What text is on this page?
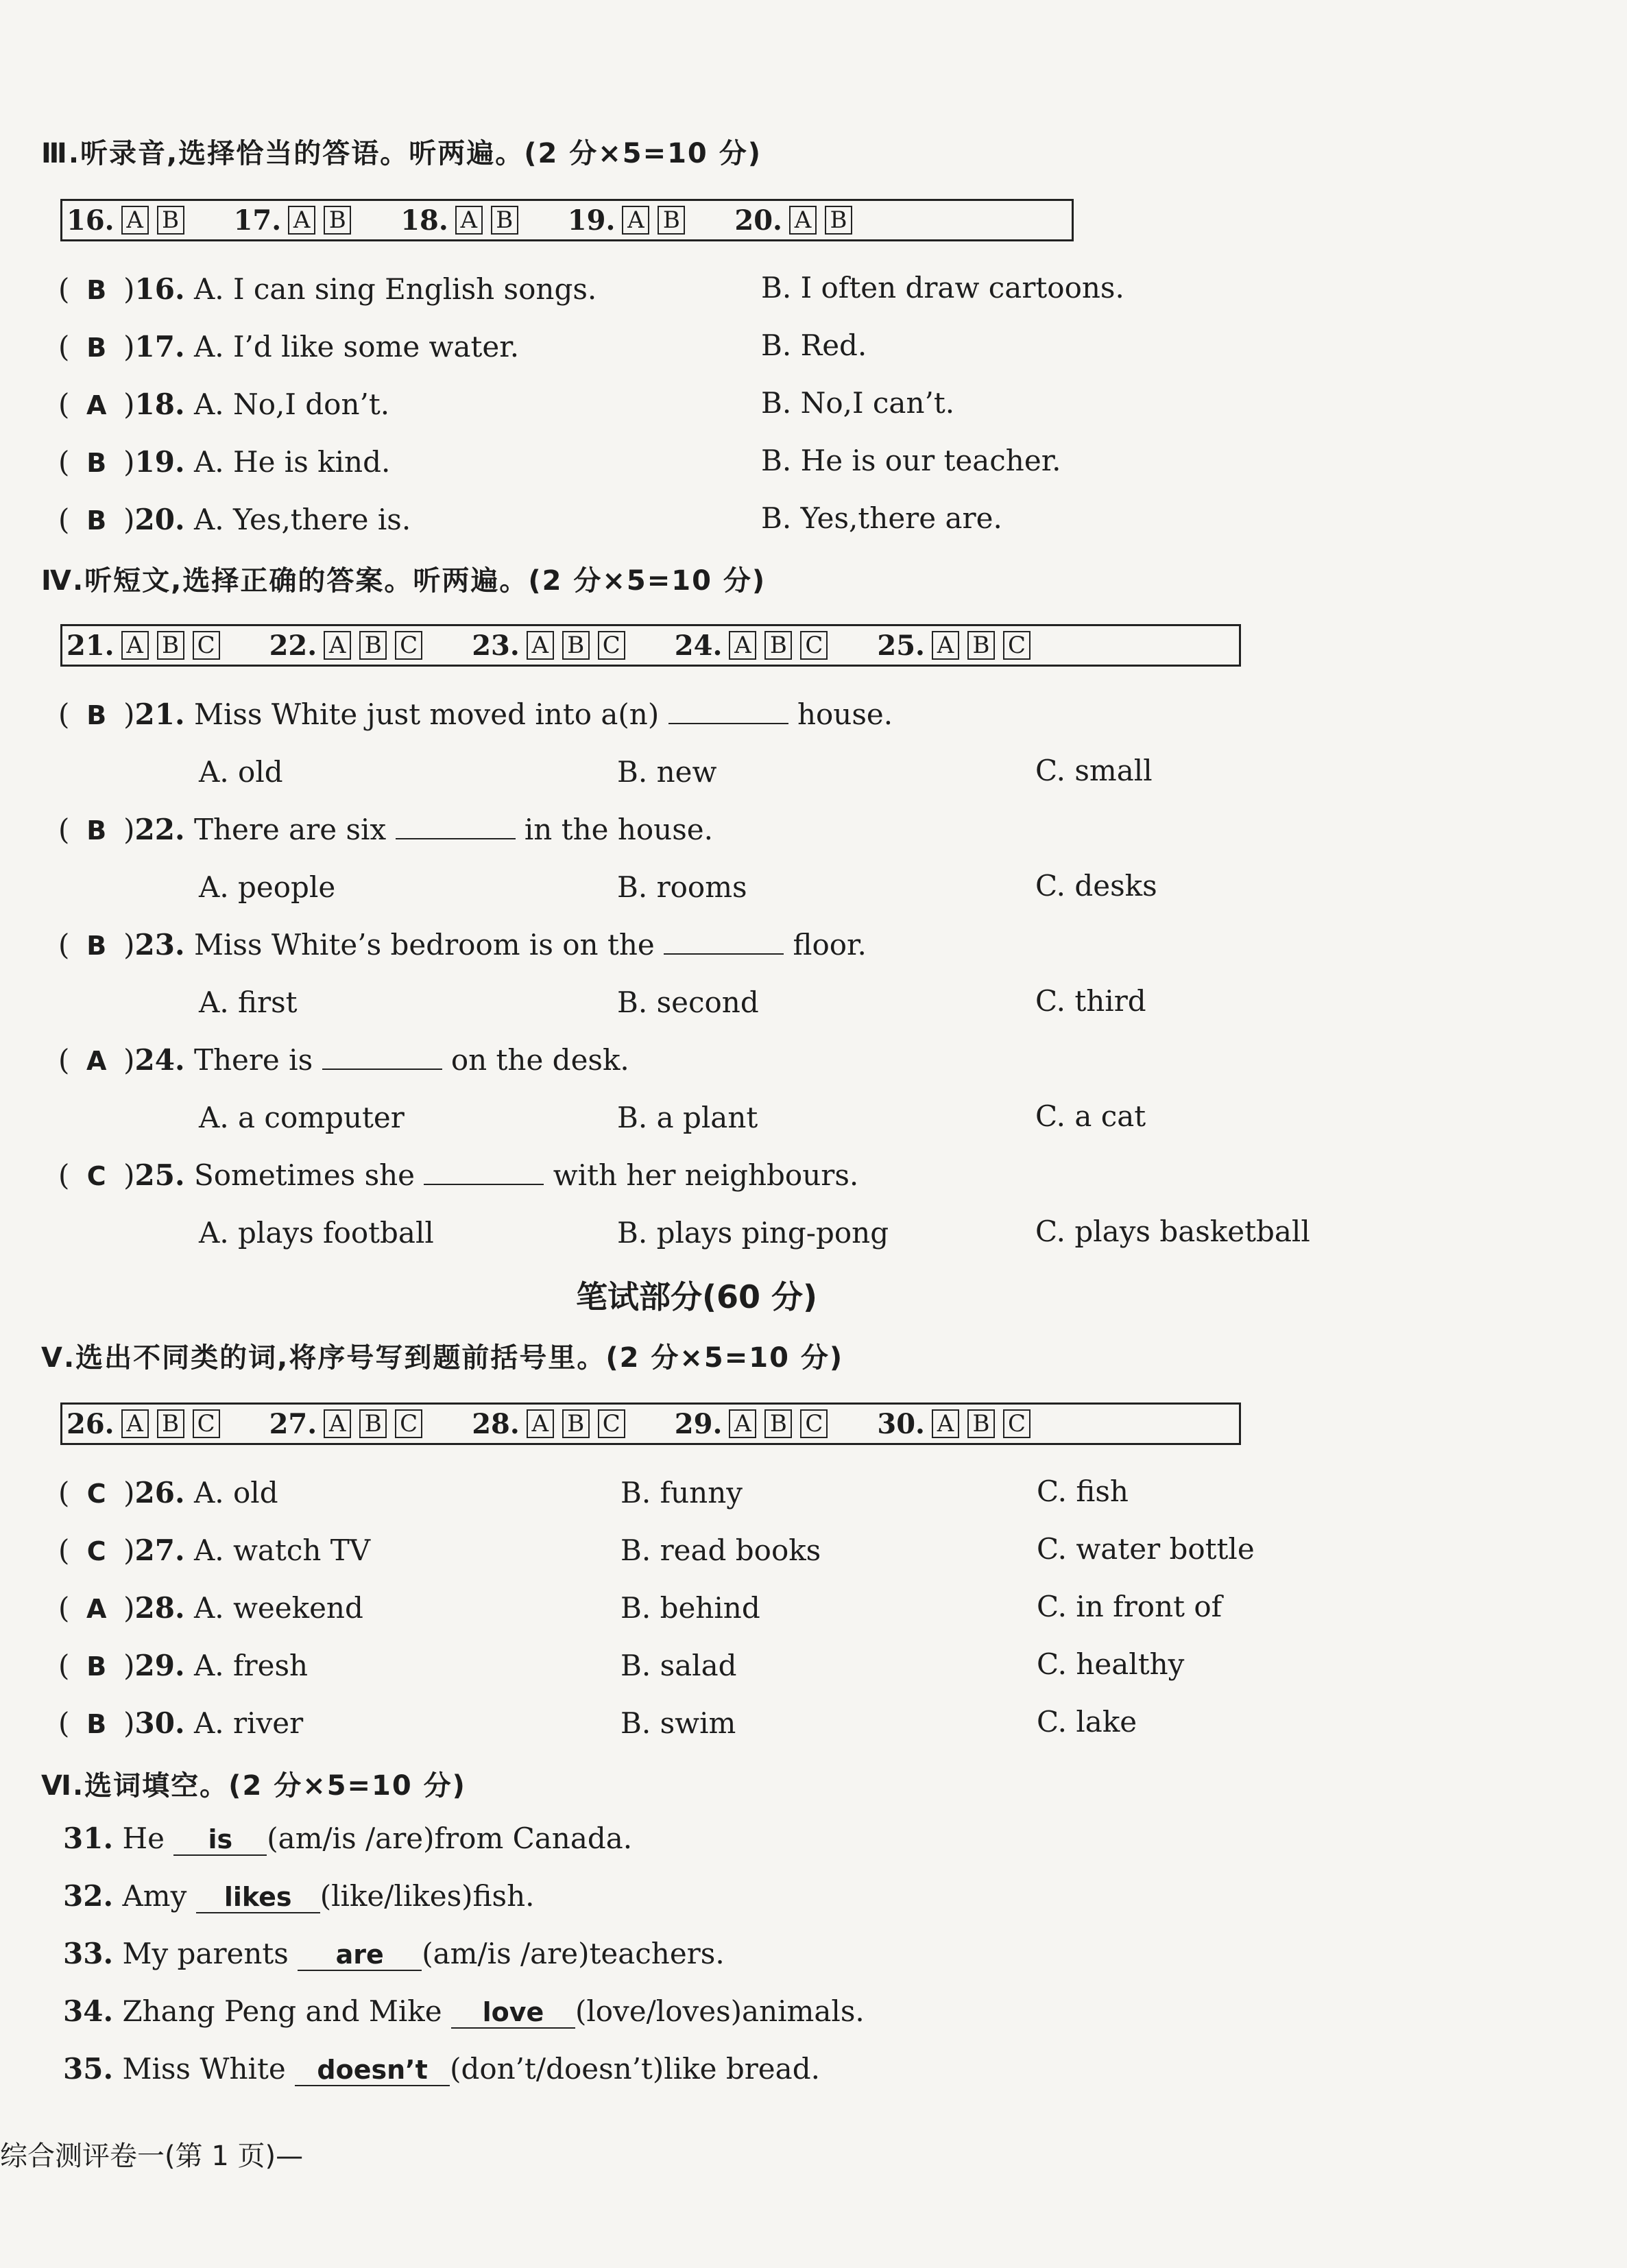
Ⅲ.听录音,选择恰当的答语。听两遍。(2 分×5=10 分)
16. A B 17. A B 18. A B 19. A B 20. A B
( B )16. A. I can sing English songs.	B. I often draw cartoons.
( B )17. A. I’d like some water.	B. Red.
( A )18. A. No,I don’t.	B. No,I can’t.
( B )19. A. He is kind.	B. He is our teacher.
( B )20. A. Yes,there is.	B. Yes,there are.
Ⅳ.听短文,选择正确的答案。听两遍。(2 分×5=10 分)
21. A B C 22. A B C 23. A B C 24. A B C 25. A B C
( B )21. Miss White just moved into a(n)	house.
A. old	B. new	C. small
( B )22. There are six	in the house.
A. people	B. rooms	C. desks
( B )23. Miss White’s bedroom is on the	floor.
A. first	B. second	C. third
( A )24. There is	on the desk.
A. a computer	B. a plant	C. a cat
( C )25. Sometimes she	with her neighbours.
A. plays football	B. plays ping-pong	C. plays basketball
笔试部分(60 分)
Ⅴ.选出不同类的词,将序号写到题前括号里。(2 分×5=10 分)
26. A B C 27. A B C 28. A B C 29. A B C 30. A B C
( C )26. A. old	B. funny	C. fish
( C )27. A. watch TV	B. read books	C. water bottle
( A )28. A. weekend	B. behind	C. in front of
( B )29. A. fresh	B. salad	C. healthy
( B )30. A. river	B. swim	C. lake
Ⅵ.选词填空。(2 分×5=10 分)
31. He is (am/is /are)from Canada.
32. Amy likes (like/likes)fish.
33. My parents are (am/is /are)teachers.
34. Zhang Peng and Mike love (love/loves)animals.
35. Miss White doesn’t (don’t/doesn’t)like bread.
综合测评卷一(第 1 页)—
